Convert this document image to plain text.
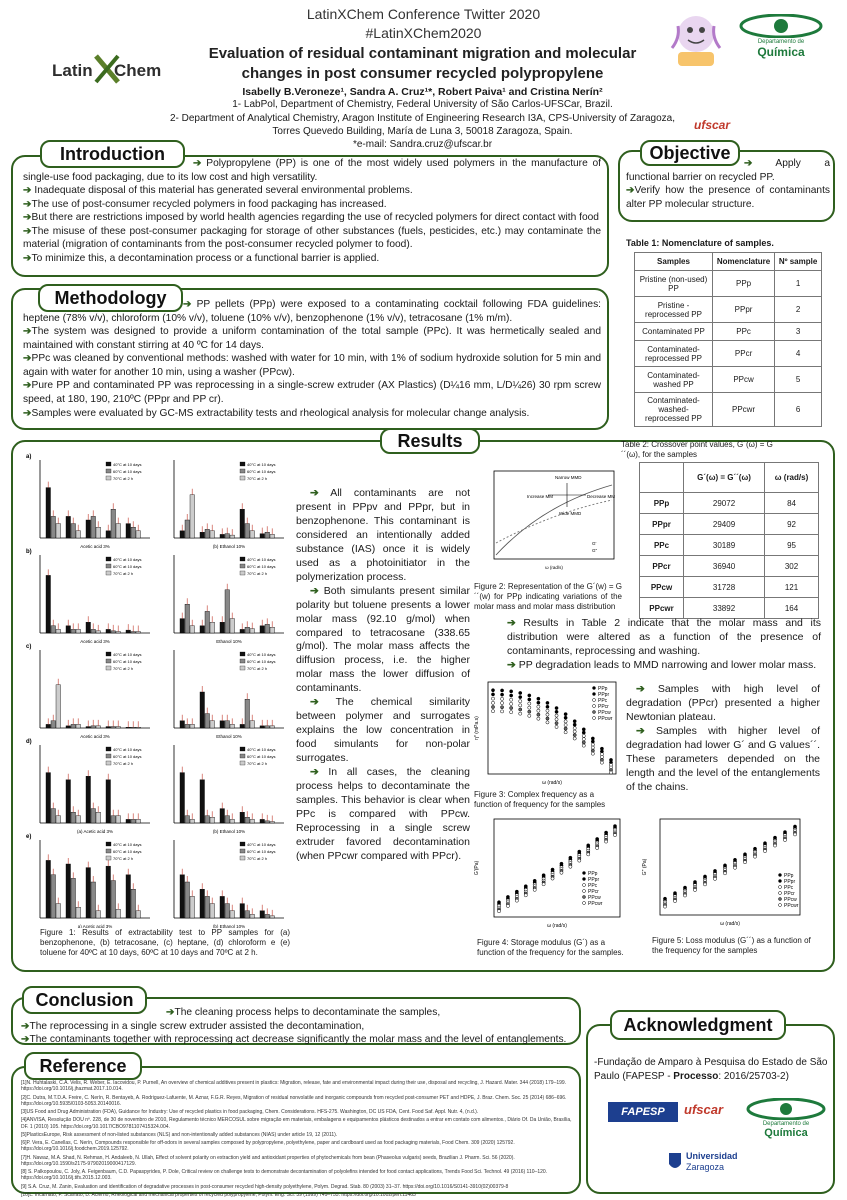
Latin Chem
LatinXChem Conference Twitter 2020
#LatinXChem2020
Evaluation of residual contaminant migration and molecular
changes in post consumer recycled polypropylene
Isabelly B.Veroneze¹, Sandra A. Cruz¹*, Robert Paiva¹ and Cristina Nerín²
1- LabPol, Department of Chemistry, Federal University of São Carlos-UFSCar, Brazil.
2- Department of Analytical Chemistry, Aragon Institute of Engineering Research I3A, CPS-University of Zaragoza,
Torres Quevedo Building, María de Luna 3, 50018 Zaragoza, Spain.
*e-mail: Sandra.cruz@ufscar.br
Departamento de
Química
ufscar

➔ Polypropylene (PP) is one of the most widely used polymers in the manufacture of single-use food packaging, due to its low cost and high versatility.

➔ Inadequate disposal of this material has generated several environmental problems.

➔The use of post-consumer recycled polymers in food packaging has increased.

➔But there are restrictions imposed by world health agencies regarding the use of recycled polymers for direct contact with food

➔The misuse of these post-consumer packaging for storage of other substances (fuels, pesticides, etc.) may contaminate the material (migration of contaminants from the post-consumer recycled polymer to food).

➔To minimize this, a decontamination process or a functional barrier is applied.

Introduction	➔ Apply a functional barrier on recycled PP.

➔Verify how the presence of contaminants alter PP molecular structure.

Objective
Table 1: Nomenclature of samples.
Samples	Nomenclature	Nº sample
Pristine (non-used) PP	PPp	1
Pristine - reprocessed PP	PPpr	2
Contaminated PP	PPc	3
Contaminated-reprocessed PP	PPcr	4
Contaminated-washed PP	PPcw	5
Contaminated-washed-reprocessed PP	PPcwr	6

➔ PP pellets (PPp) were exposed to a contaminating cocktail following FDA guidelines: heptene (78% v/v), chloroform (10% v/v), toluene (10% v/v), benzophenone (1% v/v), tetracosane (1% m/m).

➔The system was designed to provide a uniform contamination of the total sample (PPc). It was hermetically sealed and maintained with constant stirring at 40 ºC for 14 days.

➔PPc was cleaned by conventional methods: washed with water for 10 min, with 1% of sodium hydroxide solution for 5 min and again with water for another 10 min, using a washer (PPcw).

➔Pure PP and contaminated PP was reprocessing in a single-screw extruder (AX Plastics) (D¼16 mm, L/D¼26) 30 rpm screw speed, at 180, 190, 210ºC (PPpr and PP cr).

➔Samples were evaluated by GC-MS extractability tests and rheological analysis for molecular change analysis.

Methodology
Results
40°C at 10 days
60°C at 10 days
70°C at 2 h
Acetic acid 3%
40°C at 10 days
60°C at 10 days
70°C at 2 h
(b) Ethanol 10%
a)
40°C at 10 days
60°C at 10 days
70°C at 2 h
Acetic acid 3%
40°C at 10 days
60°C at 10 days
70°C at 2 h
Ethanol 10%
b)
40°C at 10 days
60°C at 10 days
70°C at 2 h
Acetic acid 3%
40°C at 10 days
60°C at 10 days
70°C at 2 h
Ethanol 10%
c)
40°C at 10 days
60°C at 10 days
70°C at 2 h
(a) Acetic acid 3%
40°C at 10 days
60°C at 10 days
70°C at 2 h
(b) Ethanol 10%
d)
40°C at 10 days
60°C at 10 days
70°C at 2 h
a) Acetic acid 3%
40°C at 10 days
60°C at 10 days
70°C at 2 h
(b) Ethanol 10%
e)
Figure 1: Results of extractability test to PP samples for (a) benzophenone, (b) tetracosane, (c) heptane, (d) chloroform e (e) toluene for 40ºC at 10 days, 60ºC at 10 days and 70ºC at 2 h.

➔ All contaminants are not present in PPpv and PPpr, but in benzophenone. This contaminant is considered an intentionally added substance (IAS) once it is widely used as a photoinitiator in the polymerization process.

➔ Both simulants present similar polarity but toluene presents a lower molar mass (92.10 g/mol) when compared to tetracosane (338.65 g/mol). The molar mass affects the diffusion process, i.e. the higher molar mass the lower diffusion of contaminants.

➔ The chemical similarity between polymer and surrogates explains the low concentration in food simulants for non-polar surrogates.

➔ In all cases, the cleaning process helps to decontaminate the samples. This behavior is clear when PPc is compared with PPcw. Reprocessing in a single screw extruder favored decontamination (when PPcwr compared with PPcr).

Narrow MMD
Increase MM	Decrease MM
Wide MMD
G'
G''
ω (rad/s)
Figure 2: Representation of the G´(w) = G´´(w) for PPp indicating variations of the molar mass and molar mass distribution
Table 2: Crossover point values, G´(ω) = G´´(ω), for the samples
	G´(ω) = G´´(ω)	ω (rad/s)
PPp	29072	84
PPpr	29409	92
PPc	30189	95
PPcr	36940	302
PPcw	31728	121
PPcwr	33892	164

➔ Results in Table 2 indicate that the molar mass and its distribution were altered as a function of the presence of contaminants, reprocessing and washing.

➔ PP degradation leads to MMD narrowing and lower molar mass.

PPp
PPpr
PPc
PPcr
PPcw
PPcwr
ω (rad/s)
η* (mPa.s)
Figure 3: Complex frequency as a function of frequency for the samples

➔ Samples with high level of degradation (PPcr) presented a higher Newtonian plateau.

➔ Samples with higher level of degradation had lower G´ and G values´´. These parameters depended on the length and the level of the entanglements of the chains.

PPp
PPpr
PPc
PPcr
PPcw
PPcwr
ω (rad/s)
G'(Pa)
Figure 4: Storage modulus (G´) as a function of the frequency for the samples.
PPp
PPpr
PPc
PPcr
PPcw
PPcwr
ω (rad/s)
G'' (Pa)
Figure 5: Loss modulus (G´´) as a function of the frequency for the samples

➔The cleaning process helps to decontaminate the samples,

➔The reprocessing in a single screw extruder assisted the decontamination,

➔The contaminants together with reprocessing act decrease significantly the molar mass and the level of entanglements.

Conclusion
[1]N. Huhtalaski, C.A. Velis, R. Weber, E. Iacovidou, P. Purnell, An overview of chemical additives present in plastics: Migration, release, fate and environmental impact during their use, disposal and recycling, J. Hazard. Mater. 344 (2018) 179–199. https://doi.org/10.1016/j.jhazmat.2017.10.014.
[2]C. Dutra, M.T.D.A. Freire, C. Nerín, R. Bentayeb, A. Rodriguez-Lafuente, M. Aznar, F.G.R. Reyes, Migration of residual nonvolatile and inorganic compounds from recycled post-consumer PET and HDPE, J. Braz. Chem. Soc. 25 (2014) 686–696. https://doi.org/10.5935/0103-5053.20140016.
[3]US Food and Drug Administration (FDA), Guidance for Industry: Use of recycled plastics in food packaging, Chem. Considerations. HFS-275. Washington, DC US FDA, Cent. Food Saf. Appl. Nutr. 4, (n.d.).
[4]ANVISA, Resolução DOU nº. 228, de 30 de novembro de 2010, Regulamento técnico MERCOSUL sobre migração em materiais, embalagens e equipamentos plásticos destinados a entrar em contato com alimentos., Diário Of. Da União, Brasília, DF. 1 (2010) 105. https://doi.org/10.1017/CBO9781107415324.004.
[5]PlasticsEurope, Risk assessment of non-listed substances (NLS) and non-intentionally added substances (NIAS) under article 19, 12 (2011).
[6]P. Vera, E. Canellas, C. Nerín, Compounds responsible for off-odors in several samples composed by polypropylene, polyethylene, paper and cardboard used as food packaging materials, Food Chem. 309 (2020) 125792. https://doi.org/10.1016/j.foodchem.2019.125792.
[7]H. Nawaz, M.A. Shad, N. Rehman, H. Andaleeb, N. Ullah, Effect of solvent polarity on extraction yield and antioxidant properties of phytochemicals from bean (Phaseolus vulgaris) seeds, Brazilian J. Pharm. Sci. 56 (2020). https://doi.org/10.1590/s2175-97902019000417129.
[8] S. Palkopoulou, C. Joly, A. Feigenbaum, C.D. Papaspyrides, P. Dole, Critical review on challenge tests to demonstrate decontamination of polyolefins intended for food contact applications, Trends Food Sci. Technol. 49 (2016) 110–120. https://doi.org/10.1016/j.tifs.2015.12.003.
[9] S.A. Cruz, M. Zanin, Evaluation and identification of degradative processes in post-consumer recycled high-density polyethylene, Polym. Degrad. Stab. 80 (2003) 31–37. https://doi.org/10.1016/S0141-3910(02)00379-8
[10]L. Incarnato, P. Scarfato, D. Acierno, Rheological and mechanical properties of recycled polypropylene, Polym. Eng. Sci. 39 (1999) 749–755. https://doi.org/10.1002/pen.11463
Reference	-Fundação de Amparo à Pesquisa do Estado de São Paulo (FAPESP - Processo: 2016/25703-2)
FAPESP ufscar
Departamento de
Química
Universidad
Zaragoza
Acknowledgment
